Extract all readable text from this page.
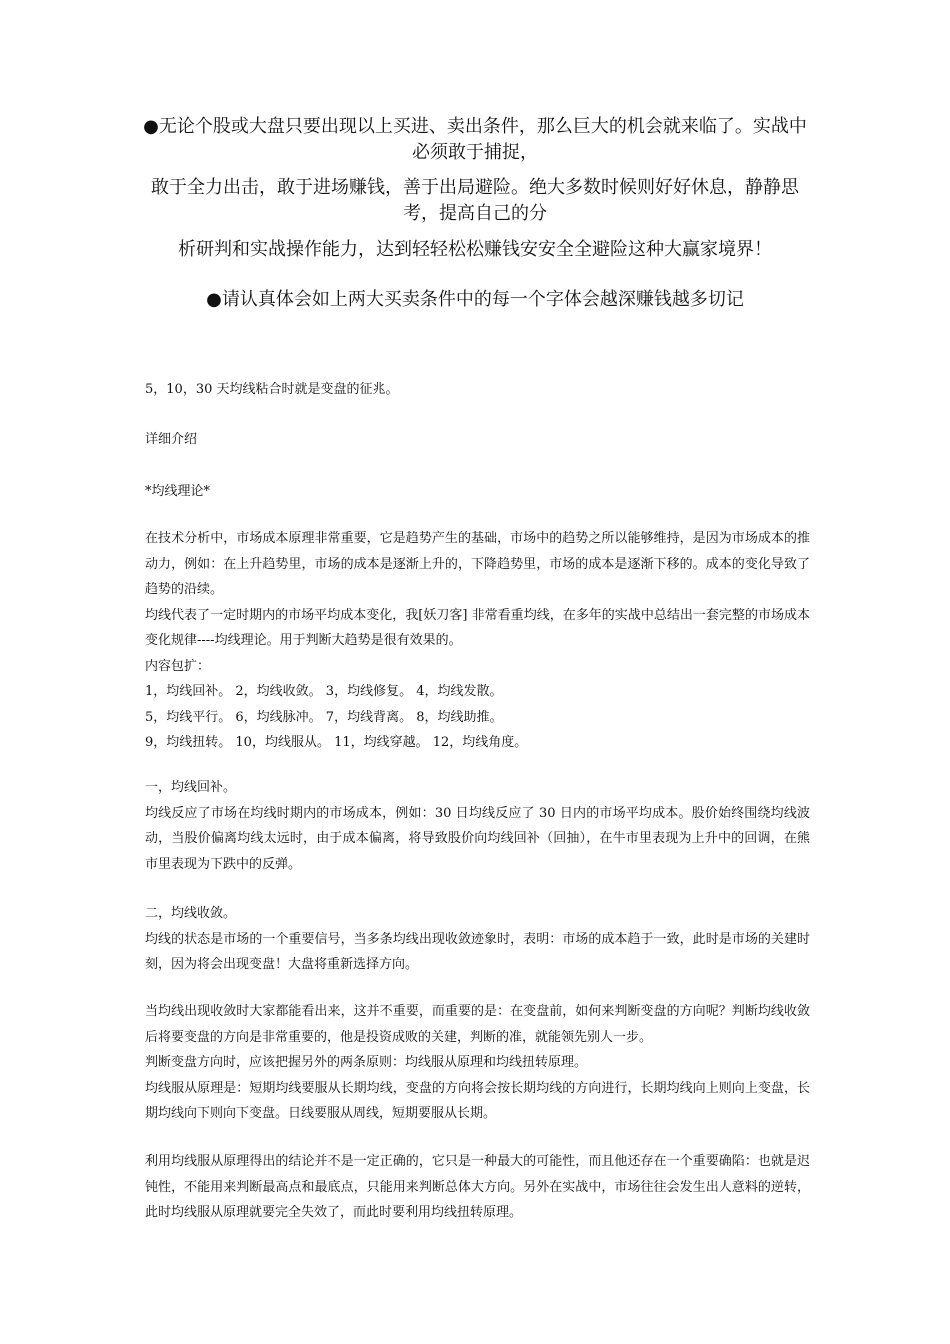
●无论个股或大盘只要出现以上买进、卖出条件，那么巨大的机会就来临了。实战中必须敢于捕捉，

敢于全力出击，敢于进场赚钱，善于出局避险。绝大多数时候则好好休息，静静思考，提高自己的分

析研判和实战操作能力，达到轻轻松松赚钱安安全全避险这种大赢家境界！

●请认真体会如上两大买卖条件中的每一个字体会越深赚钱越多切记

5，10，30 天均线粘合时就是变盘的征兆。

详细介绍

*均线理论*

在技术分析中，市场成本原理非常重要，它是趋势产生的基础，市场中的趋势之所以能够维持，是因为市场成本的推动力，例如：在上升趋势里，市场的成本是逐渐上升的，下降趋势里，市场的成本是逐渐下移的。成本的变化导致了趋势的沿续。

均线代表了一定时期内的市场平均成本变化，我[妖刀客] 非常看重均线，在多年的实战中总结出一套完整的市场成本变化规律----均线理论。用于判断大趋势是很有效果的。

内容包扩：

1，均线回补。 2，均线收敛。 3，均线修复。 4，均线发散。

5，均线平行。 6，均线脉冲。 7，均线背离。 8，均线助推。

9，均线扭转。 10，均线服从。 11，均线穿越。 12，均线角度。

一，均线回补。

均线反应了市场在均线时期内的市场成本，例如：30 日均线反应了 30 日内的市场平均成本。股价始终围绕均线波动，当股价偏离均线太远时，由于成本偏离，将导致股价向均线回补（回抽），在牛市里表现为上升中的回调，在熊市里表现为下跌中的反弹。

二，均线收敛。

均线的状态是市场的一个重要信号，当多条均线出现收敛迹象时，表明：市场的成本趋于一致，此时是市场的关建时刻，因为将会出现变盘！大盘将重新选择方向。

当均线出现收敛时大家都能看出来，这并不重要，而重要的是：在变盘前，如何来判断变盘的方向呢？判断均线收敛后将要变盘的方向是非常重要的，他是投资成败的关建，判断的准，就能领先别人一步。

判断变盘方向时，应该把握另外的两条原则：均线服从原理和均线扭转原理。

均线服从原理是：短期均线要服从长期均线，变盘的方向将会按长期均线的方向进行，长期均线向上则向上变盘，长期均线向下则向下变盘。日线要服从周线，短期要服从长期。

利用均线服从原理得出的结论并不是一定正确的，它只是一种最大的可能性，而且他还存在一个重要确陷：也就是迟钝性，不能用来判断最高点和最底点，只能用来判断总体大方向。另外在实战中，市场往往会发生出人意料的逆转，此时均线服从原理就要完全失效了，而此时要利用均线扭转原理。
